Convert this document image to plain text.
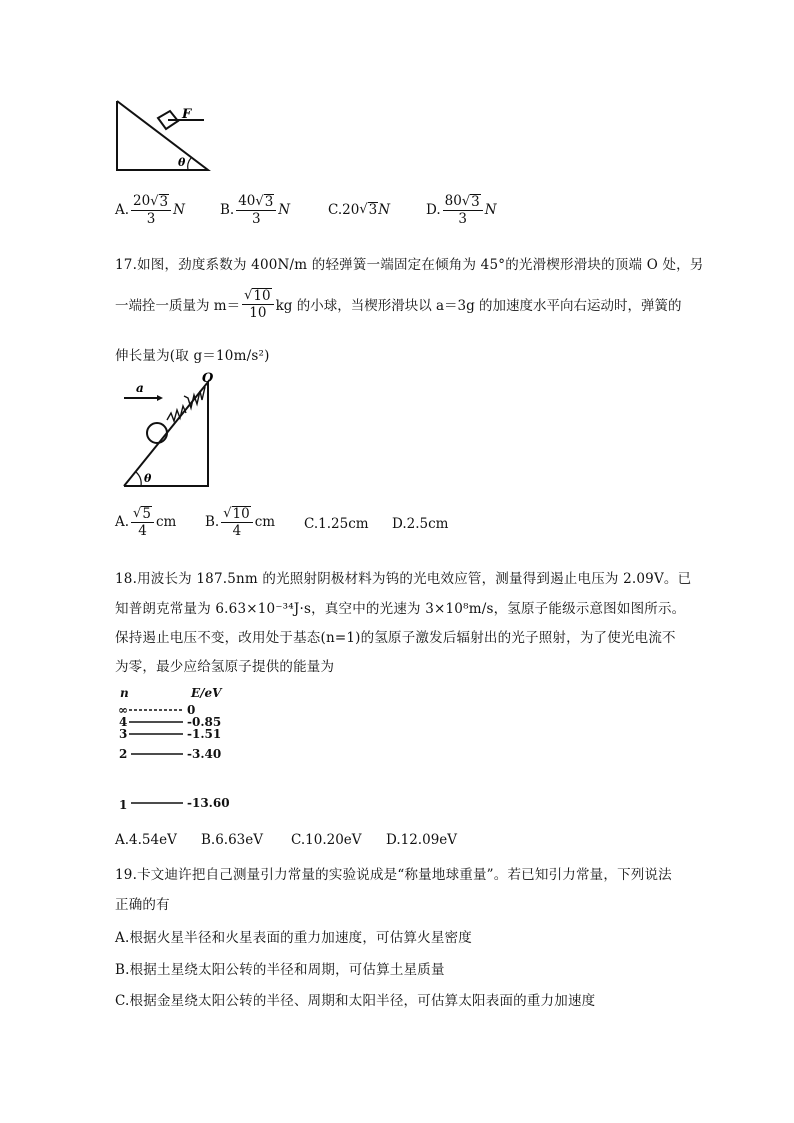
F
θ
A. $\frac{20 √ 3}{3}$ N	B. $\frac{40 √ 3}{3}$ N	C. 20 √ 3 N	D. $\frac{80 √ 3}{3}$ N
17.如图，劲度系数为 400N/m 的轻弹簧一端固定在倾角为 45°的光滑楔形滑块的顶端 O 处，另
一端拴一质量为 $m= \frac{√ 10}{10}$ kg 的小球，当楔形滑块以 a＝3g 的加速度水平向右运动时，弹簧的
伸长量为(取 g＝10m/s²)
a
O
θ
A. $\frac{√ 5}{4}$ cm B. $\frac{√ 10}{4}$ cm C.1.25cm D.2.5cm
18.用波长为 187.5nm 的光照射阴极材料为钨的光电效应管，测量得到遏止电压为 2.09V。已
知普朗克常量为 6.63×10⁻³⁴J·s，真空中的光速为 3×10⁸m/s，氢原子能级示意图如图所示。
保持遏止电压不变，改用处于基态(n=1)的氢原子激发后辐射出的光子照射，为了使光电流不
为零，最少应给氢原子提供的能量为
n	E/eV
∞	0
4	-0.85
3	-1.51
2	-3.40
1	-13.60
A.4.54eV B.6.63eV C.10.20eV D.12.09eV
19.卡文迪许把自己测量引力常量的实验说成是“称量地球重量”。若已知引力常量，下列说法
正确的有
A.根据火星半径和火星表面的重力加速度，可估算火星密度
B.根据土星绕太阳公转的半径和周期，可估算土星质量
C.根据金星绕太阳公转的半径、周期和太阳半径，可估算太阳表面的重力加速度
